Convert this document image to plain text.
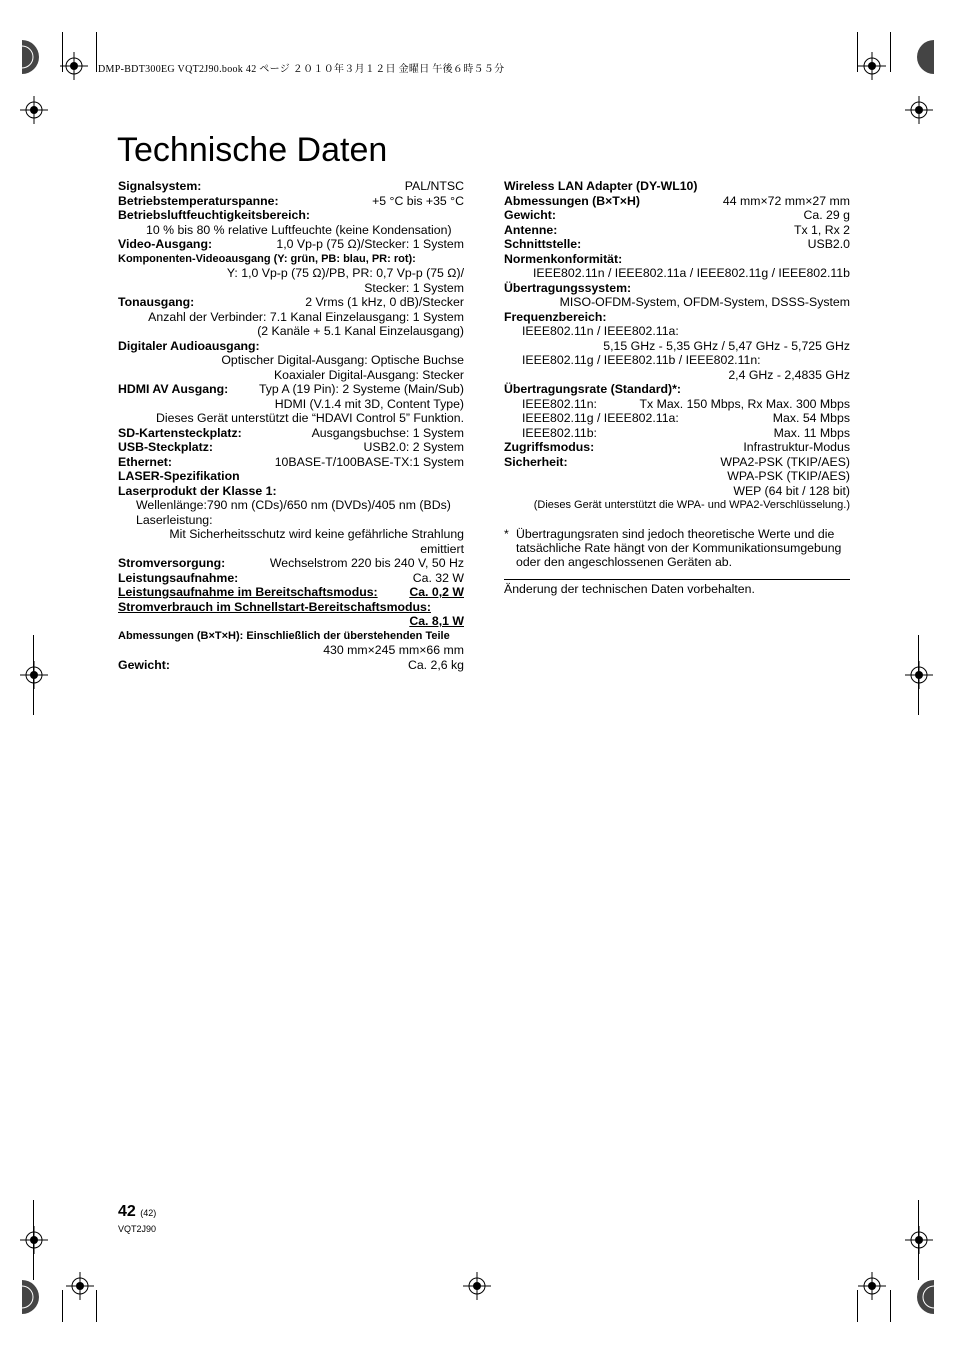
DMP-BDT300EG VQT2J90.book 42 ページ ２０１０年３月１２日 金曜日 午後６時５５分
Technische Daten
Signalsystem:	PAL/NTSC
Betriebstemperaturspanne:	+5 °C bis +35 °C
Betriebsluftfeuchtigkeitsbereich:
10 % bis 80 % relative Luftfeuchte (keine Kondensation)
Video-Ausgang:	1,0 Vp-p (75 Ω)/Stecker: 1 System
Komponenten-Videoausgang (Y: grün, PB: blau, PR: rot):
Y: 1,0 Vp-p (75 Ω)/PB, PR: 0,7 Vp-p (75 Ω)/
Stecker: 1 System
Tonausgang:	2 Vrms (1 kHz, 0 dB)/Stecker
Anzahl der Verbinder: 7.1 Kanal Einzelausgang: 1 System
(2 Kanäle + 5.1 Kanal Einzelausgang)
Digitaler Audioausgang:
Optischer Digital-Ausgang: Optische Buchse
Koaxialer Digital-Ausgang: Stecker
HDMI AV Ausgang: Typ A (19 Pin): 2 Systeme (Main/Sub)
HDMI (V.1.4 mit 3D, Content Type)
Dieses Gerät unterstützt die “HDAVI Control 5” Funktion.
SD-Kartensteckplatz:	Ausgangsbuchse: 1 System
USB-Steckplatz:	USB2.0: 2 System
Ethernet:	10BASE-T/100BASE-TX:1 System
LASER-Spezifikation
Laserprodukt der Klasse 1:
Wellenlänge:790 nm (CDs)/650 nm (DVDs)/405 nm (BDs)
Laserleistung:
Mit Sicherheitsschutz wird keine gefährliche Strahlung
emittiert
Stromversorgung:	Wechselstrom 220 bis 240 V, 50 Hz
Leistungsaufnahme:	Ca. 32 W
Leistungsaufnahme im Bereitschaftsmodus:	Ca. 0,2 W
Stromverbrauch im Schnellstart-Bereitschaftsmodus:
Ca. 8,1 W
Abmessungen (B×T×H): Einschließlich der überstehenden Teile
430 mm×245 mm×66 mm
Gewicht:	Ca. 2,6 kg
Wireless LAN Adapter (DY-WL10)
Abmessungen (B×T×H)	44 mm×72 mm×27 mm
Gewicht:	Ca. 29 g
Antenne:	Tx 1, Rx 2
Schnittstelle:	USB2.0
Normenkonformität:
IEEE802.11n / IEEE802.11a / IEEE802.11g / IEEE802.11b
Übertragungssystem:
MISO-OFDM-System, OFDM-System, DSSS-System
Frequenzbereich:
IEEE802.11n / IEEE802.11a:
5,15 GHz - 5,35 GHz / 5,47 GHz - 5,725 GHz
IEEE802.11g / IEEE802.11b / IEEE802.11n:
2,4 GHz - 2,4835 GHz
Übertragungsrate (Standard)*:
IEEE802.11n:	Tx Max. 150 Mbps, Rx Max. 300 Mbps
IEEE802.11g / IEEE802.11a:	Max. 54 Mbps
IEEE802.11b:	Max. 11 Mbps
Zugriffsmodus:	Infrastruktur-Modus
Sicherheit:	WPA2-PSK (TKIP/AES)
WPA-PSK (TKIP/AES)
WEP (64 bit / 128 bit)
(Dieses Gerät unterstützt die WPA- und WPA2-Verschlüsselung.)
* Übertragungsraten sind jedoch theoretische Werte und die tatsächliche Rate hängt von der Kommunikationsumgebung oder den angeschlossenen Geräten ab.
Änderung der technischen Daten vorbehalten.
42 (42)
VQT2J90
